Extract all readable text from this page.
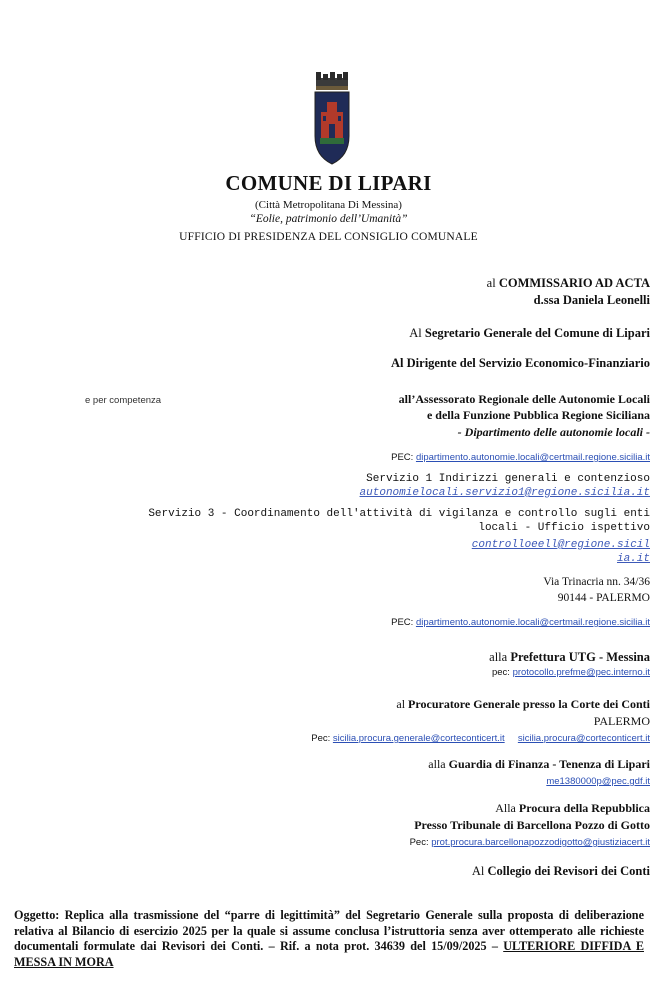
COMUNE DI LIPARI
(Città Metropolitana Di Messina)
“Eolie, patrimonio dell’Umanità”
UFFICIO DI PRESIDENZA DEL CONSIGLIO COMUNALE
al COMMISSARIO AD ACTA
d.ssa Daniela Leonelli
Al Segretario Generale del Comune di Lipari
Al Dirigente del Servizio Economico-Finanziario
e per competenza	all’Assessorato Regionale delle Autonomie Locali
e della Funzione Pubblica Regione Siciliana
- Dipartimento delle autonomie locali -
PEC: dipartimento.autonomie.locali@certmail.regione.sicilia.it
Servizio 1 Indirizzi generali e contenzioso
autonomielocali.servizio1@regione.sicilia.it
Servizio 3 - Coordinamento dell'attività di vigilanza e controllo sugli enti
locali - Ufficio ispettivo
controlloeell@regione.sicil
ia.it
Via Trinacria nn. 34/36
90144 - PALERMO
PEC: dipartimento.autonomie.locali@certmail.regione.sicilia.it
alla Prefettura UTG - Messina
pec: protocollo.prefme@pec.interno.it
al Procuratore Generale presso la Corte dei Conti
PALERMO
Pec: sicilia.procura.generale@corteconticert.it sicilia.procura@corteconticert.it
alla Guardia di Finanza - Tenenza di Lipari
me1380000p@pec.gdf.it
Alla Procura della Repubblica
Presso Tribunale di Barcellona Pozzo di Gotto
Pec: prot.procura.barcellonapozzodigotto@giustiziacert.it
Al Collegio dei Revisori dei Conti
Oggetto: Replica alla trasmissione del “parre di legittimità” del Segretario Generale sulla proposta di deliberazione relativa al Bilancio di esercizio 2025 per la quale si assume conclusa l’istruttoria senza aver ottemperato alle richieste documentali formulate dai Revisori dei Conti. – Rif. a nota prot. 34639 del 15/09/2025 – ULTERIORE DIFFIDA E MESSA IN MORA
